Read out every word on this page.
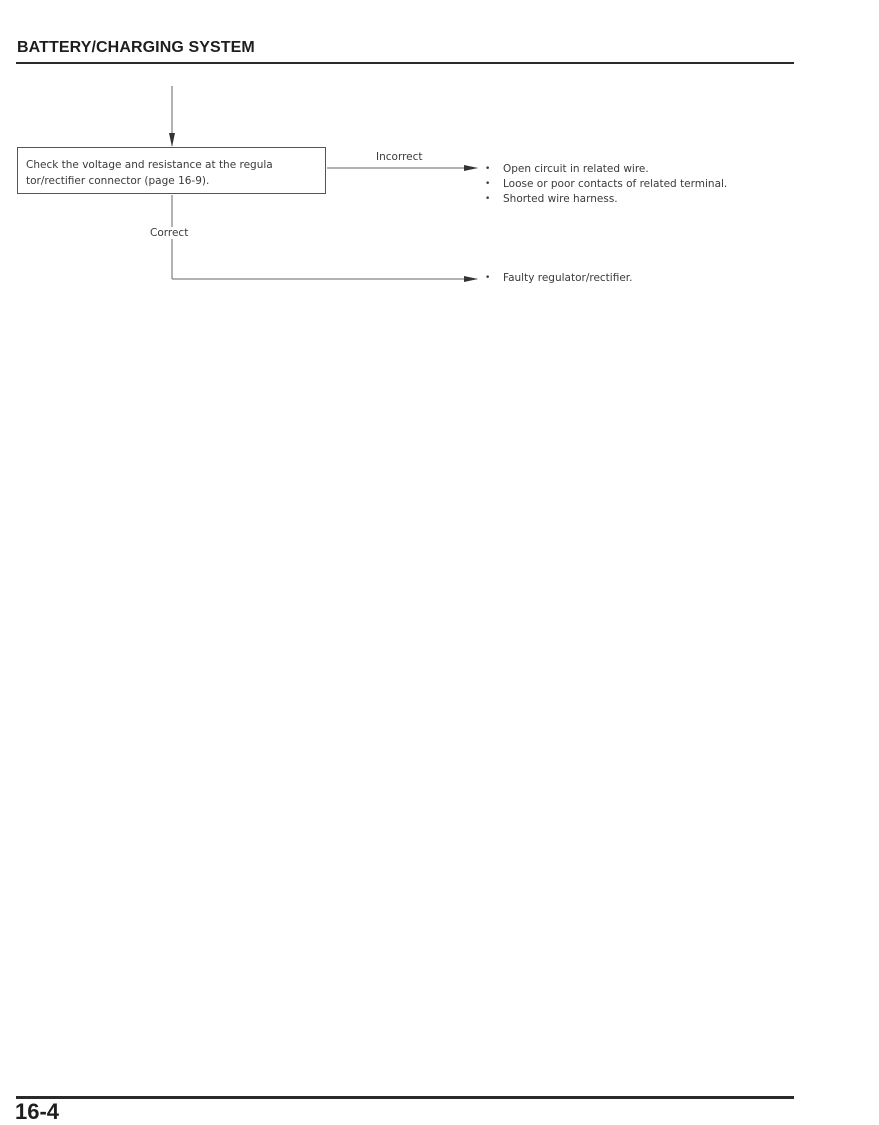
BATTERY/CHARGING SYSTEM
Check the voltage and resistance at the regula tor/rectifier connector (page 16-9).
Incorrect
Correct
• Open circuit in related wire.
• Loose or poor contacts of related terminal.
• Shorted wire harness.
• Faulty regulator/rectifier.
16-4
